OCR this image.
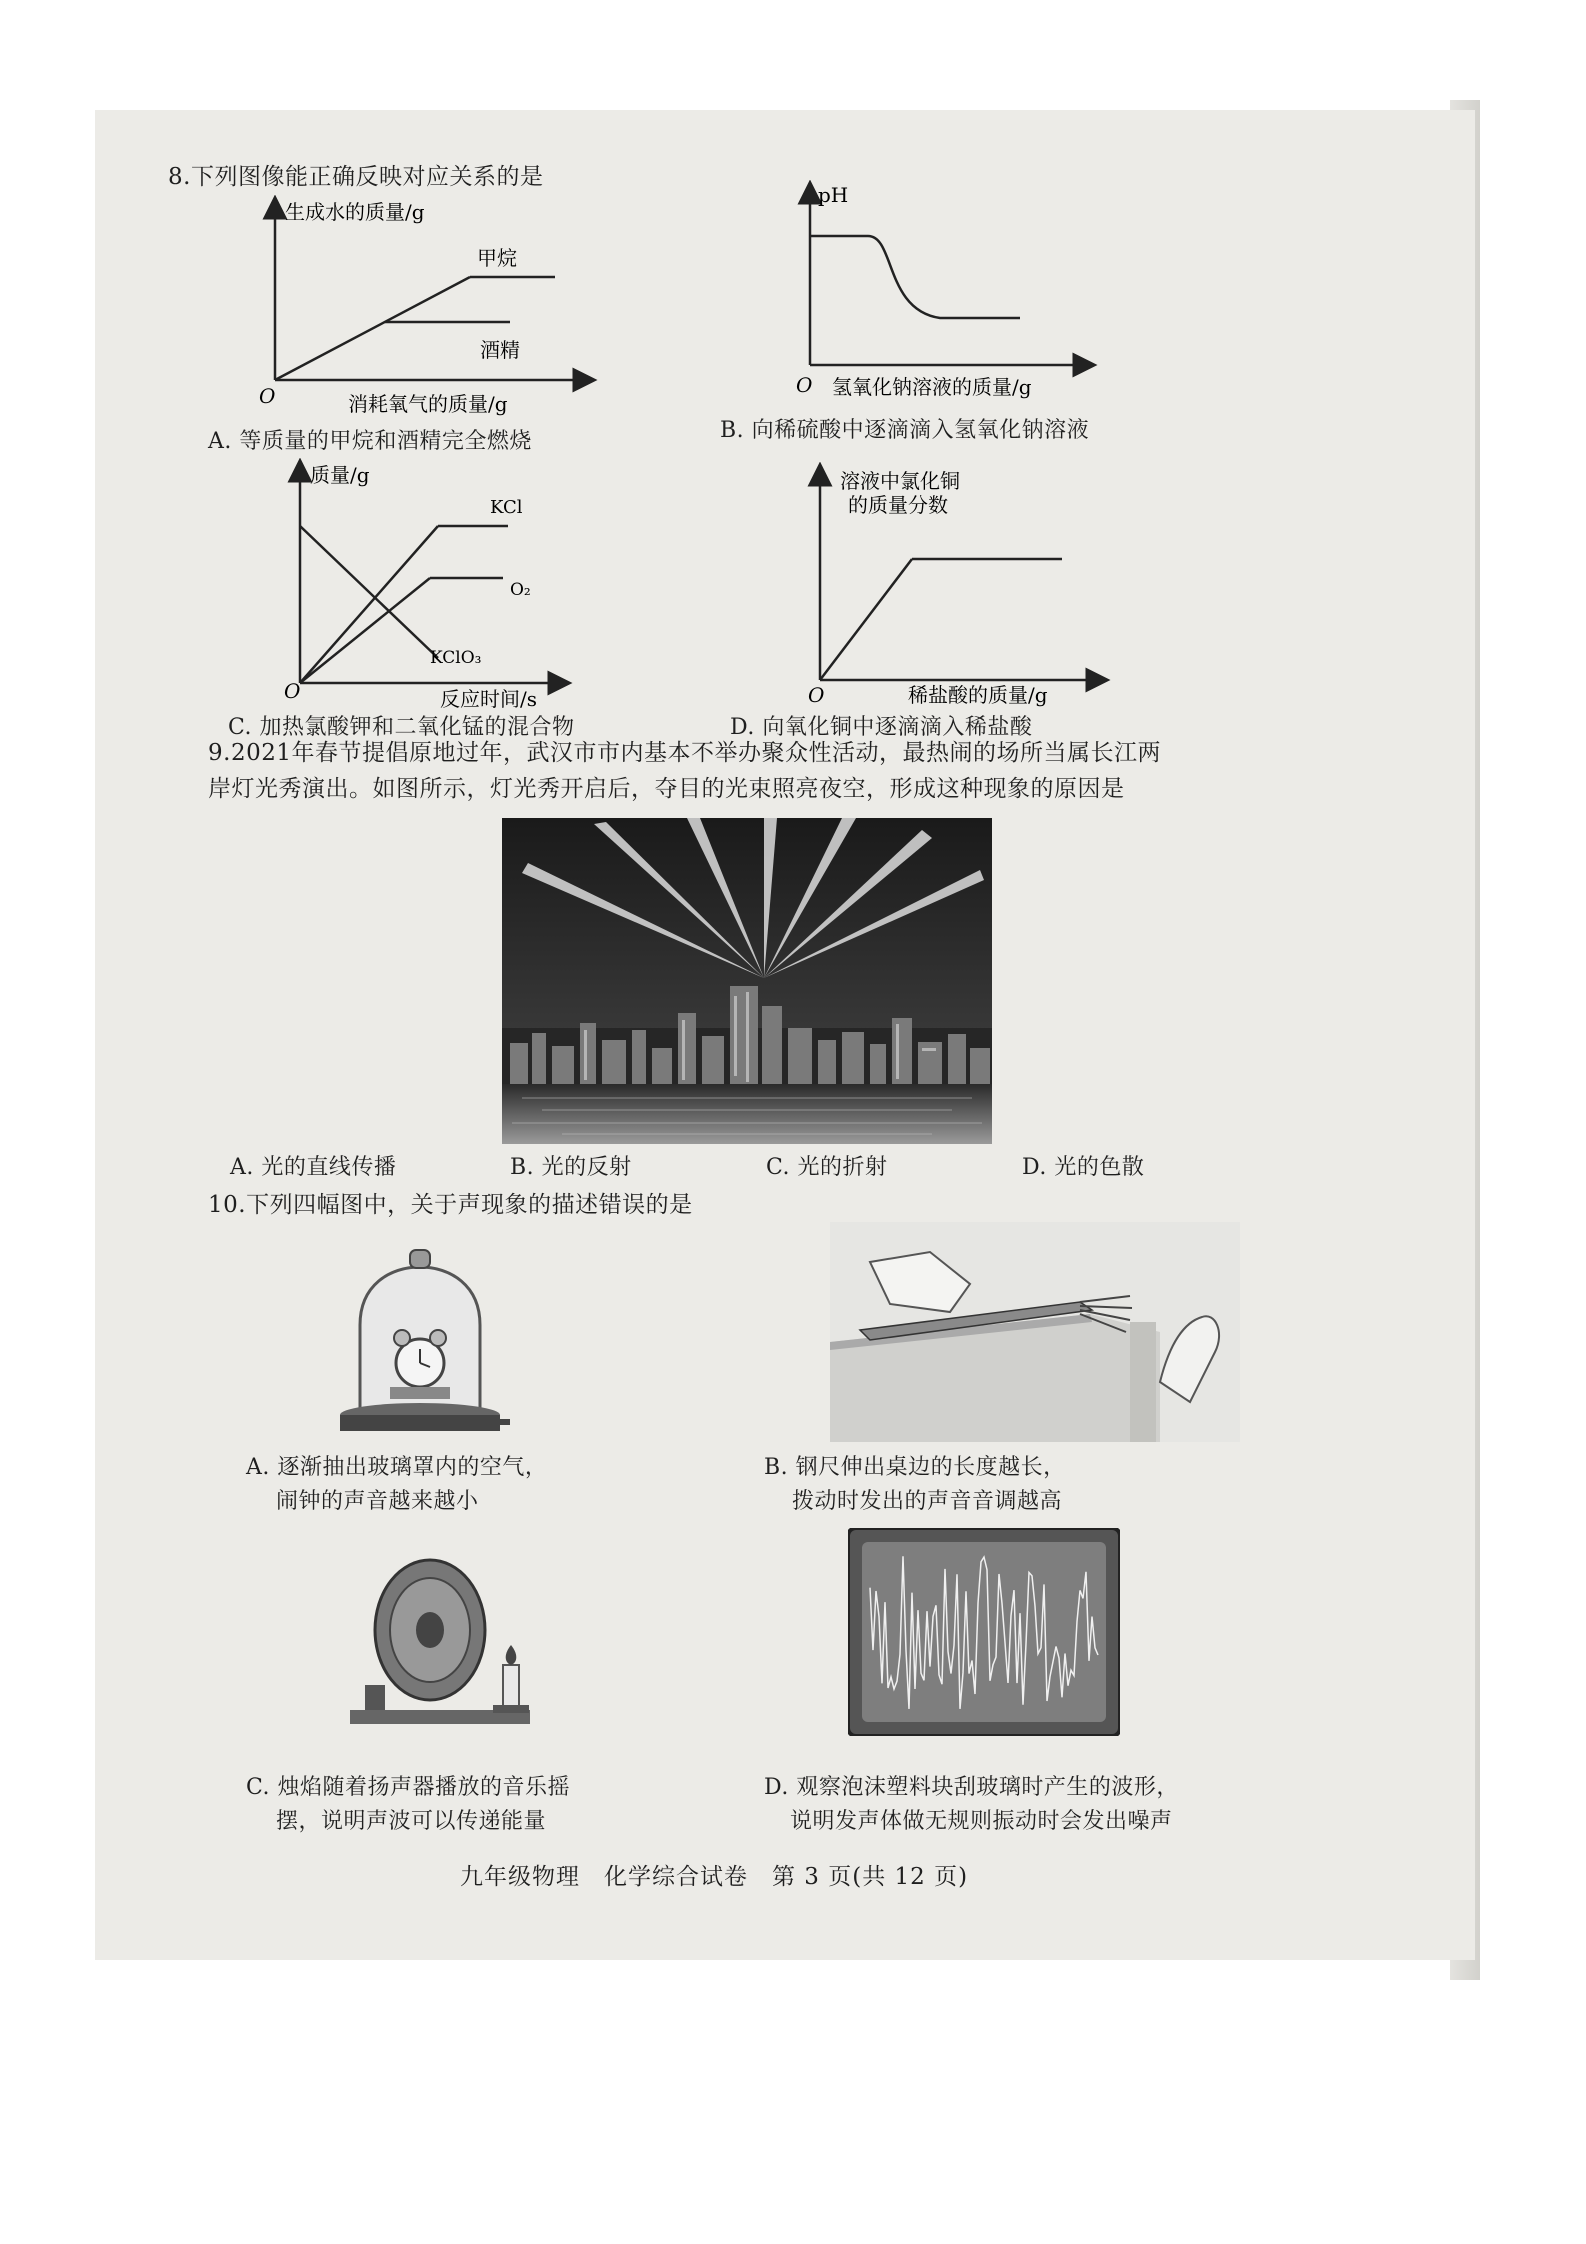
8.下列图像能正确反映对应关系的是
生成水的质量/g
甲烷
酒精
O	消耗氧气的质量/g
A. 等质量的甲烷和酒精完全燃烧
pH
O 氢氧化钠溶液的质量/g
B. 向稀硫酸中逐滴滴入氢氧化钠溶液
质量/g
KCl
O₂
KClO₃
O	反应时间/s
C. 加热氯酸钾和二氧化锰的混合物
溶液中氯化铜
的质量分数
O	稀盐酸的质量/g
D. 向氧化铜中逐滴滴入稀盐酸
9.2021年春节提倡原地过年，武汉市市内基本不举办聚众性活动，最热闹的场所当属长江两
岸灯光秀演出。如图所示，灯光秀开启后，夺目的光束照亮夜空，形成这种现象的原因是
A. 光的直线传播	B. 光的反射	C. 光的折射	D. 光的色散
10.下列四幅图中，关于声现象的描述错误的是
A. 逐渐抽出玻璃罩内的空气，
闹钟的声音越来越小
B. 钢尺伸出桌边的长度越长，
拨动时发出的声音音调越高
C. 烛焰随着扬声器播放的音乐摇
摆，说明声波可以传递能量
D. 观察泡沫塑料块刮玻璃时产生的波形，
说明发声体做无规则振动时会发出噪声
九年级物理　化学综合试卷　第 3 页(共 12 页)
